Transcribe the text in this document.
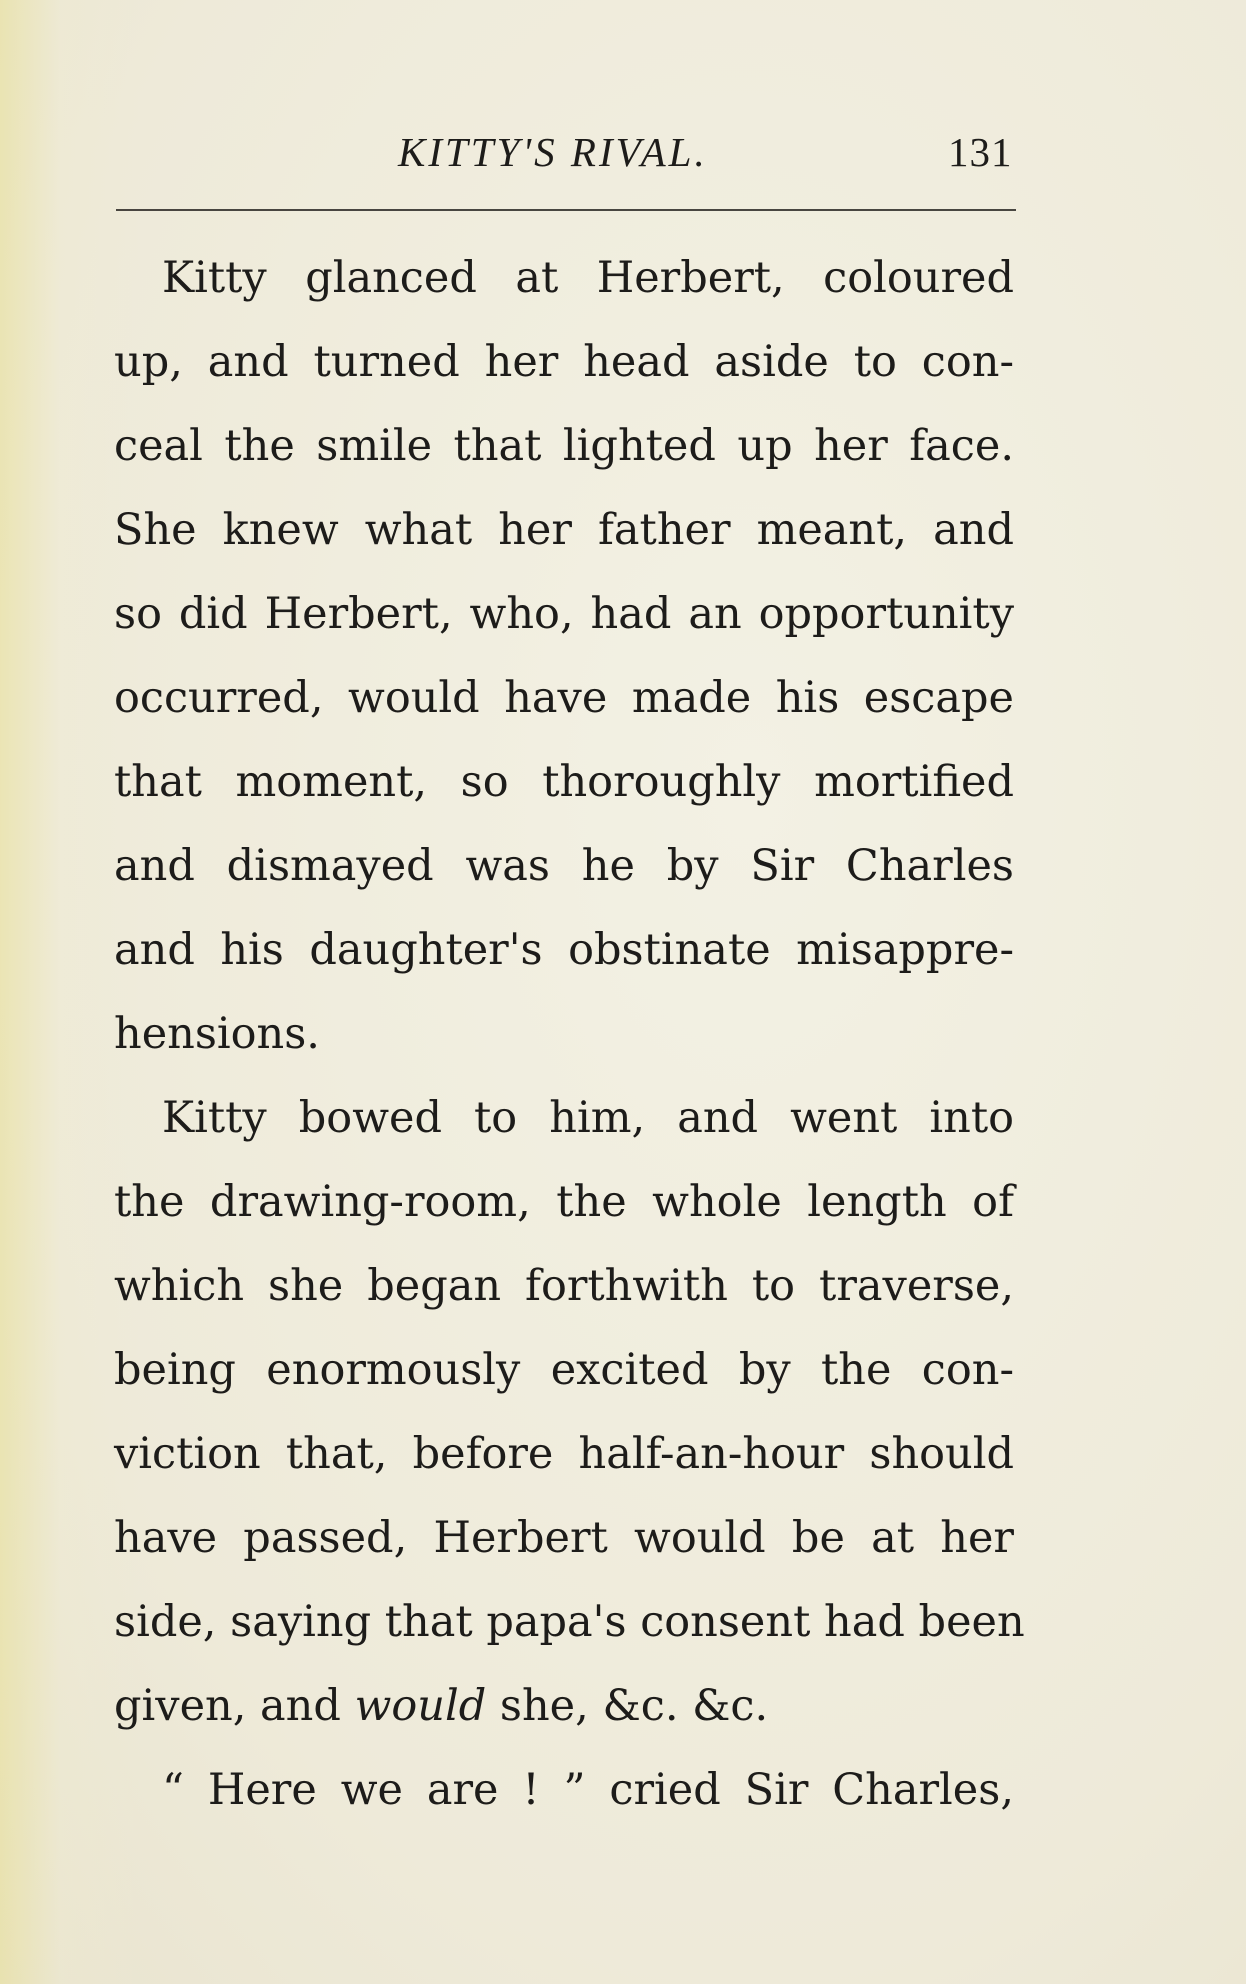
KITTY'S RIVAL.	131
Kitty glanced at Herbert, coloured
up, and turned her head aside to con-
ceal the smile that lighted up her face.
She knew what her father meant, and
so did Herbert, who, had an opportunity
occurred, would have made his escape
that moment, so thoroughly mortified
and dismayed was he by Sir Charles
and his daughter's obstinate misappre-
hensions.
Kitty bowed to him, and went into
the drawing-room, the whole length of
which she began forthwith to traverse,
being enormously excited by the con-
viction that, before half-an-hour should
have passed, Herbert would be at her
side, saying that papa's consent had been
given, and would she, &c. &c.
“ Here we are ! ” cried Sir Charles,
